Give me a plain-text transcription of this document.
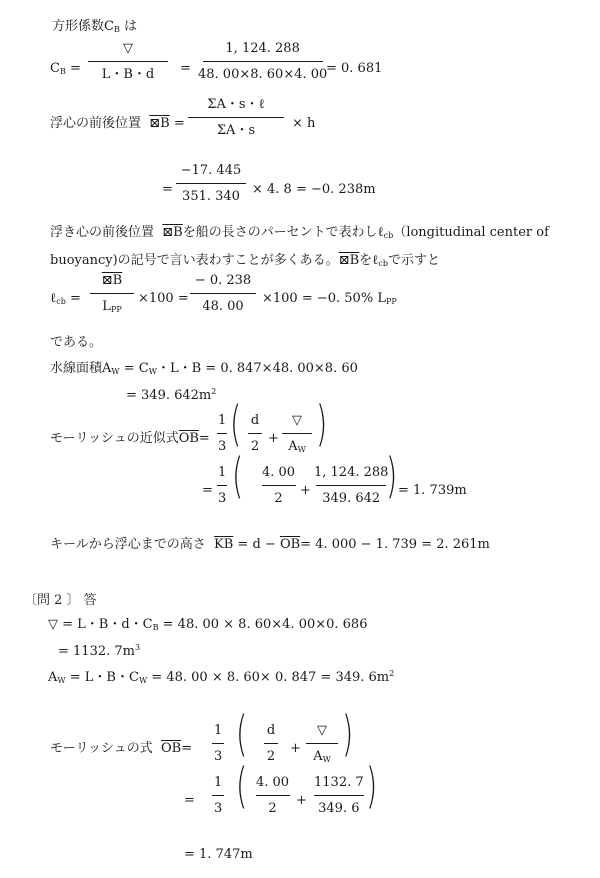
方形係数$C_B$ は
$C_B$ =
▽
L・B・d =
1, 124. 288
48. 00×8. 60×4. 00
= 0. 681
浮心の前後位置 ⊠B =
ΣA・s・ℓ
ΣA・s	× h
=
−17. 445
351. 340 × 4. 8 = −0. 238m
浮き心の前後位置 ⊠Bを船の長さのパーセントで表わしℓ$_{cb}$（longitudinal center of
buoyancy)の記号で言い表わすことが多くある。⊠Bをℓ$_{cb}$で示すと
ℓ$_{cb}$ =
⊠B
$L_{PP}$
×100 =
− 0. 238
48. 00
×100 = −0. 50% $L_{PP}$
である。
水線面積$A_W = C_W$・L・B = 0. 847×48. 00×8. 60
= 349. $642m^2$
モーリッシュの近似式$\overline{OB}=$
1
3 ( d
2
+
▽
$A_W$ )
=
1
3 ( 4. 00
2
+
1, 124. 288
349. 642 ) = 1. 739m
キールから浮心までの高さ $\overline{KB} = d - \overline{OB}= 4$. 000 − 1. 739 = 2. 261m
〔問 2 〕 答
▽ = L・B・d・$C_B = 48$. 00 × 8. 60×4. 00×0. 686
= 1132. $7m^3$
$A_W = L$・B・$C_W = 48$. 00 × 8. 60× 0. 847 = 349. $6m^2$
モーリッシュの式 $\overline{OB}=$
1
3 ( d
2
+
▽
$A_W$ )
=
1
3 ( 4. 00
2
+
1132. 7
349. 6 )
= 1. 747m
